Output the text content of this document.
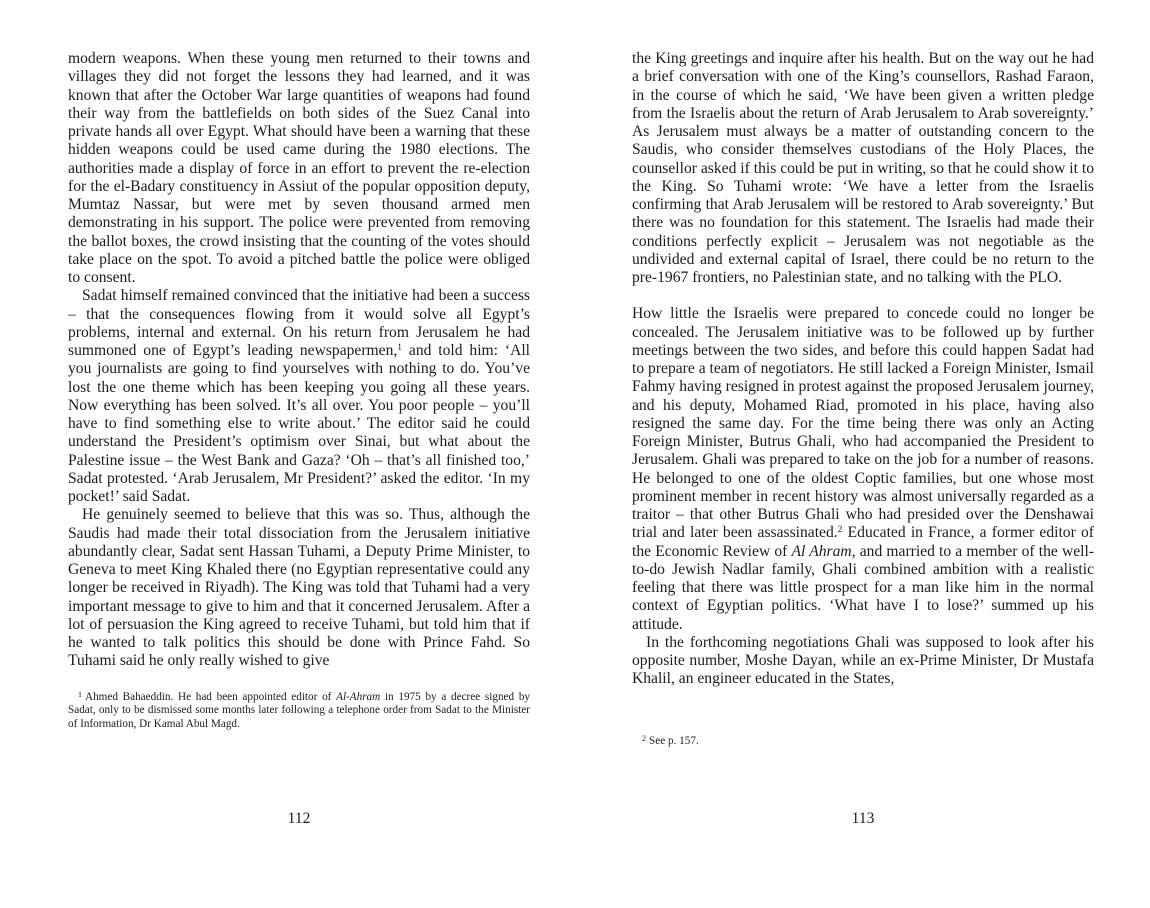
modern weapons. When these young men returned to their towns and villages they did not forget the lessons they had learned, and it was known that after the October War large quantities of weapons had found their way from the battlefields on both sides of the Suez Canal into private hands all over Egypt. What should have been a warning that these hidden weapons could be used came during the 1980 elections. The authorities made a display of force in an effort to prevent the re-election for the el-Badary constituency in Assiut of the popular opposition deputy, Mumtaz Nassar, but were met by seven thousand armed men demonstrating in his support. The police were prevented from removing the ballot boxes, the crowd insisting that the counting of the votes should take place on the spot. To avoid a pitched battle the police were obliged to consent.

Sadat himself remained convinced that the initiative had been a success – that the consequences flowing from it would solve all Egypt’s problems, internal and external. On his return from Jerusalem he had summoned one of Egypt’s leading newspapermen,$^1$ and told him: ‘All you journalists are going to find yourselves with nothing to do. You’ve lost the one theme which has been keeping you going all these years. Now everything has been solved. It’s all over. You poor people – you’ll have to find something else to write about.’ The editor said he could understand the President’s optimism over Sinai, but what about the Palestine issue – the West Bank and Gaza? ‘Oh – that’s all finished too,’ Sadat protested. ‘Arab Jerusalem, Mr President?’ asked the editor. ‘In my pocket!’ said Sadat.

He genuinely seemed to believe that this was so. Thus, although the Saudis had made their total dissociation from the Jerusalem initiative abundantly clear, Sadat sent Hassan Tuhami, a Deputy Prime Minister, to Geneva to meet King Khaled there (no Egyptian representative could any longer be received in Riyadh). The King was told that Tuhami had a very important message to give to him and that it concerned Jerusalem. After a lot of persuasion the King agreed to receive Tuhami, but told him that if he wanted to talk politics this should be done with Prince Fahd. So Tuhami said he only really wished to give

$^1$ Ahmed Bahaeddin. He had been appointed editor of Al-Ahram in 1975 by a decree signed by Sadat, only to be dismissed some months later following a telephone order from Sadat to the Minister of Information, Dr Kamal Abul Magd.

112

the King greetings and inquire after his health. But on the way out he had a brief conversation with one of the King’s counsellors, Rashad Faraon, in the course of which he said, ‘We have been given a written pledge from the Israelis about the return of Arab Jerusalem to Arab sovereignty.’ As Jerusalem must always be a matter of outstanding concern to the Saudis, who consider themselves custodians of the Holy Places, the counsellor asked if this could be put in writing, so that he could show it to the King. So Tuhami wrote: ‘We have a letter from the Israelis confirming that Arab Jerusalem will be restored to Arab sovereignty.’ But there was no foundation for this statement. The Israelis had made their conditions perfectly explicit – Jerusalem was not negotiable as the undivided and external capital of Israel, there could be no return to the pre-1967 frontiers, no Palestinian state, and no talking with the PLO.

How little the Israelis were prepared to concede could no longer be concealed. The Jerusalem initiative was to be followed up by further meetings between the two sides, and before this could happen Sadat had to prepare a team of negotiators. He still lacked a Foreign Minister, Ismail Fahmy having resigned in protest against the proposed Jerusalem journey, and his deputy, Mohamed Riad, promoted in his place, having also resigned the same day. For the time being there was only an Acting Foreign Minister, Butrus Ghali, who had accompanied the President to Jerusalem. Ghali was prepared to take on the job for a number of reasons. He belonged to one of the oldest Coptic families, but one whose most prominent member in recent history was almost universally regarded as a traitor – that other Butrus Ghali who had presided over the Denshawai trial and later been assassinated.$^2$ Educated in France, a former editor of the Economic Review of Al Ahram, and married to a member of the well-to-do Jewish Nadlar family, Ghali combined ambition with a realistic feeling that there was little prospect for a man like him in the normal context of Egyptian politics. ‘What have I to lose?’ summed up his attitude.

In the forthcoming negotiations Ghali was supposed to look after his opposite number, Moshe Dayan, while an ex-Prime Minister, Dr Mustafa Khalil, an engineer educated in the States,

$^2$ See p. 157.

113
